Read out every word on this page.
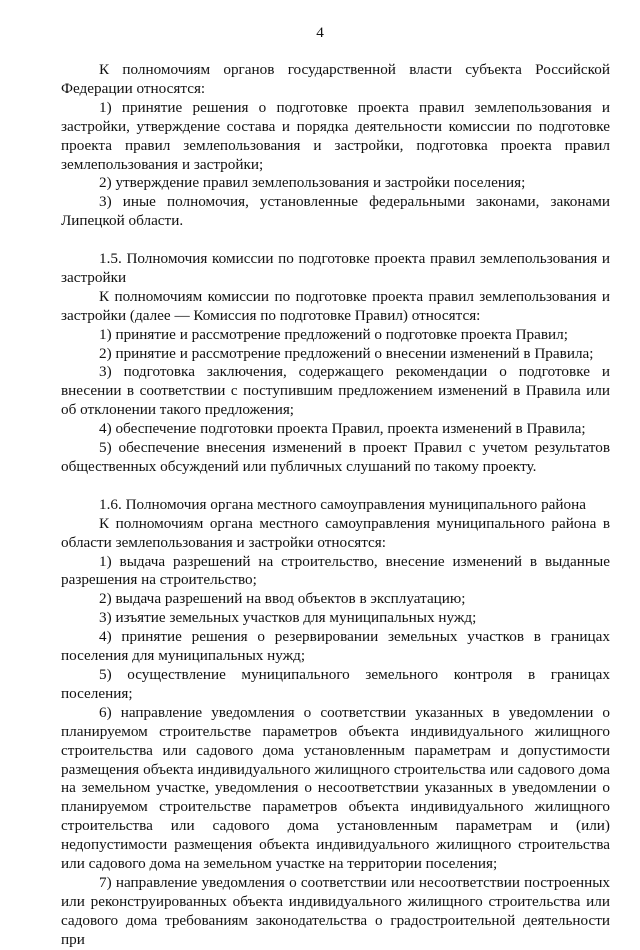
4

К полномочиям органов государственной власти субъекта Российской Федерации относятся:

1) принятие решения о подготовке проекта правил землепользования и застройки, утверждение состава и порядка деятельности комиссии по подготовке проекта правил землепользования и застройки, подготовка проекта правил землепользования и застройки;

2) утверждение правил землепользования и застройки поселения;

3) иные полномочия, установленные федеральными законами, законами Липецкой области.

1.5. Полномочия комиссии по подготовке проекта правил землепользования и застройки

К полномочиям комиссии по подготовке проекта правил землепользования и застройки (далее — Комиссия по подготовке Правил) относятся:

1) принятие и рассмотрение предложений о подготовке проекта Правил;

2) принятие и рассмотрение предложений о внесении изменений в Правила;

3) подготовка заключения, содержащего рекомендации о подготовке и внесении в соответствии с поступившим предложением изменений в Правила или об отклонении такого предложения;

4) обеспечение подготовки проекта Правил, проекта изменений в Правила;

5) обеспечение внесения изменений в проект Правил с учетом результатов общественных обсуждений или публичных слушаний по такому проекту.

1.6. Полномочия органа местного самоуправления муниципального района

К полномочиям органа местного самоуправления муниципального района в области землепользования и застройки относятся:

1) выдача разрешений на строительство, внесение изменений в выданные разрешения на строительство;

2) выдача разрешений на ввод объектов в эксплуатацию;

3) изъятие земельных участков для муниципальных нужд;

4) принятие решения о резервировании земельных участков в границах поселения для муниципальных нужд;

5) осуществление муниципального земельного контроля в границах поселения;

6) направление уведомления о соответствии указанных в уведомлении о планируемом строительстве параметров объекта индивидуального жилищного строительства или садового дома установленным параметрам и допустимости размещения объекта индивидуального жилищного строительства или садового дома на земельном участке, уведомления о несоответствии указанных в уведомлении о планируемом строительстве параметров объекта индивидуального жилищного строительства или садового дома установленным параметрам и (или) недопустимости размещения объекта индивидуального жилищного строительства или садового дома на земельном участке на территории поселения;

7) направление уведомления о соответствии или несоответствии построенных или реконструированных объекта индивидуального жилищного строительства или садового дома требованиям законодательства о градостроительной деятельности при
